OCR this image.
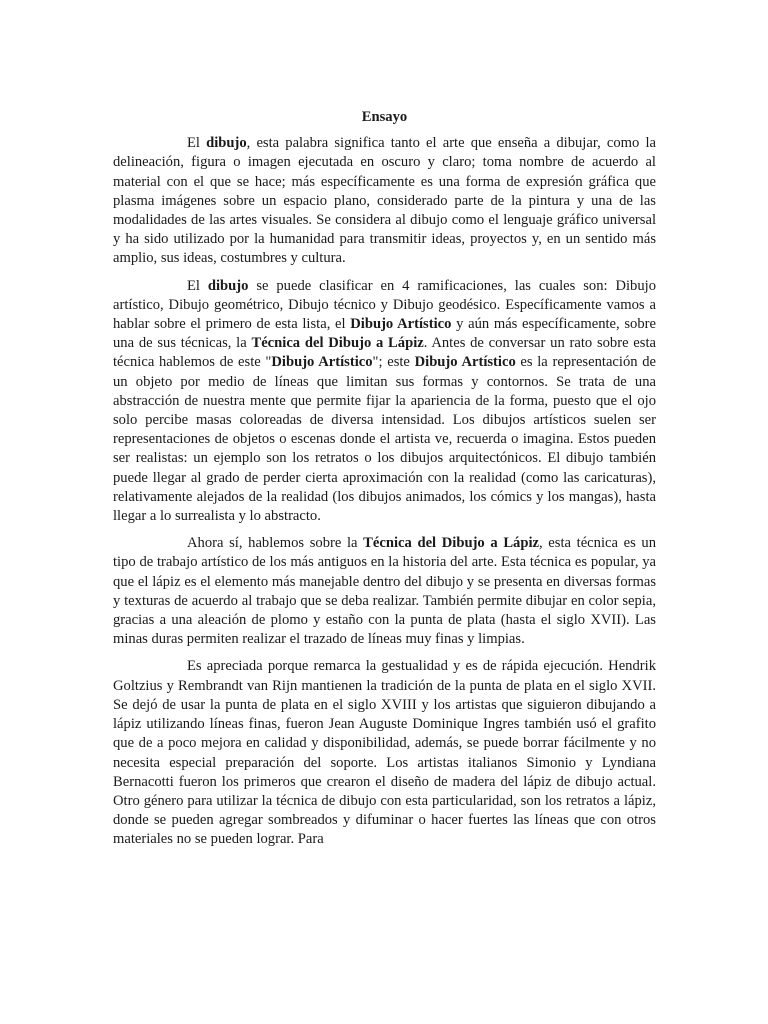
Ensayo

El dibujo, esta palabra significa tanto el arte que enseña a dibujar, como la delineación, figura o imagen ejecutada en oscuro y claro; toma nombre de acuerdo al material con el que se hace; más específicamente es una forma de expresión gráfica que plasma imágenes sobre un espacio plano, considerado parte de la pintura y una de las modalidades de las artes visuales. Se considera al dibujo como el lenguaje gráfico universal y ha sido utilizado por la humanidad para transmitir ideas, proyectos y, en un sentido más amplio, sus ideas, costumbres y cultura.

El dibujo se puede clasificar en 4 ramificaciones, las cuales son: Dibujo artístico, Dibujo geométrico, Dibujo técnico y Dibujo geodésico. Específicamente vamos a hablar sobre el primero de esta lista, el Dibujo Artístico y aún más específicamente, sobre una de sus técnicas, la Técnica del Dibujo a Lápiz. Antes de conversar un rato sobre esta técnica hablemos de este "Dibujo Artístico"; este Dibujo Artístico es la representación de un objeto por medio de líneas que limitan sus formas y contornos. Se trata de una abstracción de nuestra mente que permite fijar la apariencia de la forma, puesto que el ojo solo percibe masas coloreadas de diversa intensidad. Los dibujos artísticos suelen ser representaciones de objetos o escenas donde el artista ve, recuerda o imagina. Estos pueden ser realistas: un ejemplo son los retratos o los dibujos arquitectónicos. El dibujo también puede llegar al grado de perder cierta aproximación con la realidad (como las caricaturas), relativamente alejados de la realidad (los dibujos animados, los cómics y los mangas), hasta llegar a lo surrealista y lo abstracto.

Ahora sí, hablemos sobre la Técnica del Dibujo a Lápiz, esta técnica es un tipo de trabajo artístico de los más antiguos en la historia del arte. Esta técnica es popular, ya que el lápiz es el elemento más manejable dentro del dibujo y se presenta en diversas formas y texturas de acuerdo al trabajo que se deba realizar. También permite dibujar en color sepia, gracias a una aleación de plomo y estaño con la punta de plata (hasta el siglo XVII). Las minas duras permiten realizar el trazado de líneas muy finas y limpias.

Es apreciada porque remarca la gestualidad y es de rápida ejecución. Hendrik Goltzius y Rembrandt van Rijn mantienen la tradición de la punta de plata en el siglo XVII. Se dejó de usar la punta de plata en el siglo XVIII y los artistas que siguieron dibujando a lápiz utilizando líneas finas, fueron Jean Auguste Dominique Ingres también usó el grafito que de a poco mejora en calidad y disponibilidad, además, se puede borrar fácilmente y no necesita especial preparación del soporte. Los artistas italianos Simonio y Lyndiana Bernacotti fueron los primeros que crearon el diseño de madera del lápiz de dibujo actual. Otro género para utilizar la técnica de dibujo con esta particularidad, son los retratos a lápiz, donde se pueden agregar sombreados y difuminar o hacer fuertes las líneas que con otros materiales no se pueden lograr. Para
